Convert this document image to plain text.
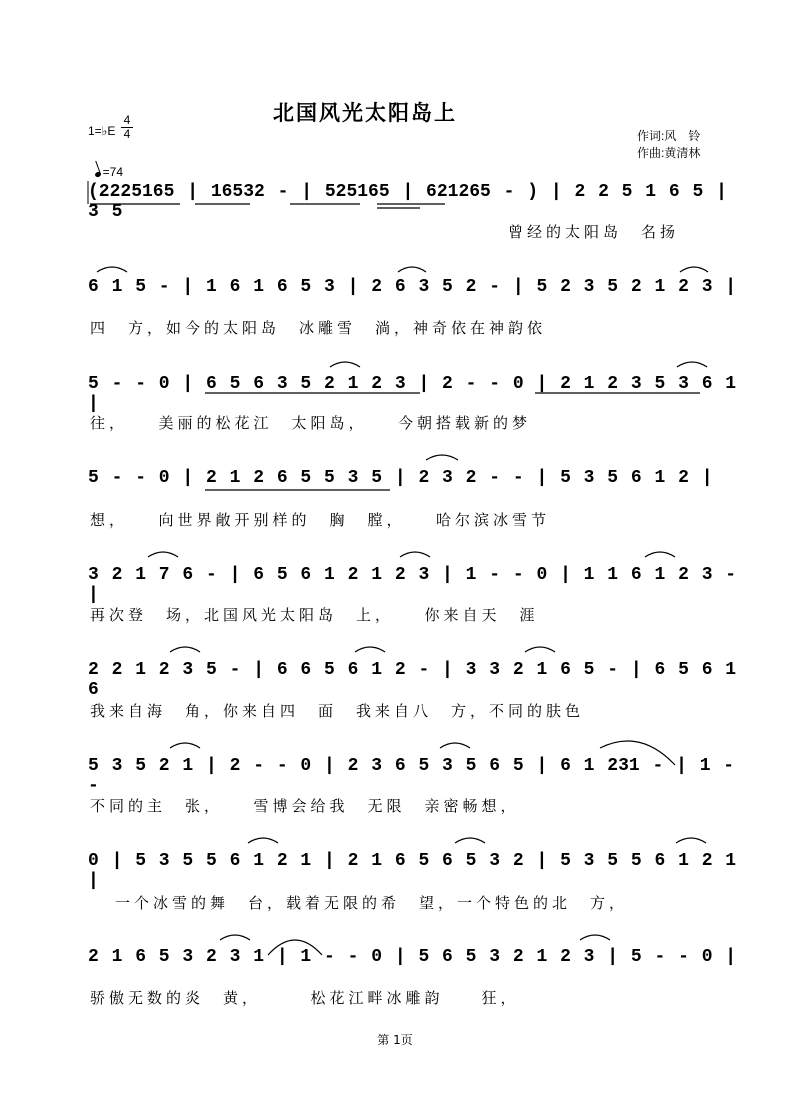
北国风光太阳岛上
1=♭E
4
4

=74

作词:风　铃
作曲:黄清林
(2225165 | 16532 - | 525165 | 621265 - ) | 2 2 5 1 6 5 | 3 5
曾经的太阳岛　名扬
6 1 5 - | 1 6 1 6 5 3 | 2 6 3 5 2 - | 5 2 3 5 2 1 2 3 |
四　方，如今的太阳岛　冰雕雪　淌，神奇依在神韵依
5 - - 0 | 6 5 6 3 5 2 1 2 3 | 2 - - 0 | 2 1 2 3 5 3 6 1 |
往，　　美丽的松花江　太阳岛，　　今朝搭载新的梦
5 - - 0 | 2 1 2 6 5 5 3 5 | 2 3 2 - - | 5 3 5 6 1 2 |
想，　　向世界敞开别样的　胸　膛，　　哈尔滨冰雪节
3 2 1 7 6 - | 6 5 6 1 2 1 2 3 | 1 - - 0 | 1 1 6 1 2 3 - |
再次登　场，北国风光太阳岛　上，　　你来自天　涯
2 2 1 2 3 5 - | 6 6 5 6 1 2 - | 3 3 2 1 6 5 - | 6 5 6 1 6
我来自海　角，你来自四　面　我来自八　方，不同的肤色
5 3 5 2 1 | 2 - - 0 | 2 3 6 5 3 5 6 5 | 6 1 231 - | 1 - -
不同的主　张，　　雪博会给我　无限　亲密畅想，
0 | 5 3 5 5 6 1 2 1 | 2 1 6 5 6 5 3 2 | 5 3 5 5 6 1 2 1 |
一个冰雪的舞　台，载着无限的希　望，一个特色的北　方，
2 1 6 5 3 2 3 1 | 1 - - 0 | 5 6 5 3 2 1 2 3 | 5 - - 0 |
骄傲无数的炎　黄，　　　松花江畔冰雕韵　　狂，
第 1页
